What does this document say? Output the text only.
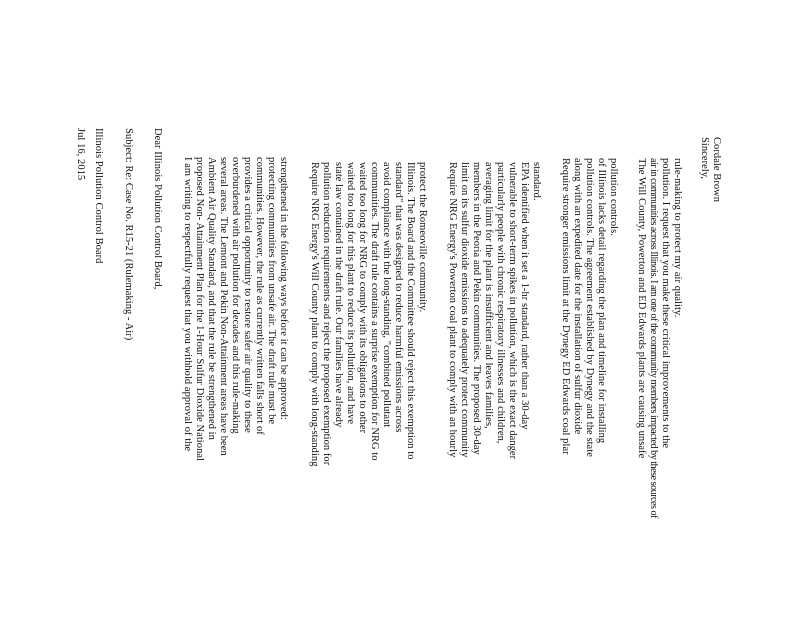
Jul 16, 2015 Illinois Pollution Control Board Subject: Re: Case No. R15-21 (Rulemaking - Air) Dear Illinois Pollution Control Board, I am writing to respectfully request that you withhold approval of the proposed Non- Attainment Plan for the 1-Hour Sulfur Dioxide National Ambient Air Quality Standard, and that the rule be strengthened in several areas. The Lemont and Pekin Non-Attainment areas have been overburdened with air pollution for decades and this rule-making provides a critical opportunity to restore safer air quality to these communities. However, the rule as currently written falls short of protecting communities from unsafe air. The draft rule must be strengthened in the following ways before it can be approved: Require NRG Energy's Will County plant to comply with long-standing pollution reduction requirements and reject the proposed exemption for state law contained in the draft rule. Our families have already waited too long for this plant to reduce its pollution, and have waited too long for NRG to comply with its obligations to other communities. The draft rule contains a surprise exemption for NRG to avoid compliance with the long-standing, "combined pollutant standard" that was designed to reduce harmful emissions across Illinois. The Board and the Committee should reject this exemption to protect the Romeoville community. Require NRG Energy's Powerton coal plant to comply with an hourly limit on its sulfur dioxide emissions to adequately protect community members in the Peoria and Pekin communities. The proposed 30-day averaging limit for the plant is insufficient and leaves families, particularly people with chronic respiratory illnesses and children, vulnerable to short-term spikes in pollution, which is the exact danger EPA identified when it set a 1-hr standard, rather than a 30-day standard. Require stronger emissions limit at the Dynegy ED Edwards coal plar along with an expedited date for the installation of sulfur dioxide pollution controls. The agreement established by Dynegy and the state of Illinois lacks detail regarding the plan and timeline for installing pollution controls. The Will County, Powerton and ED Edwards plants are causing unsafe air in communities across Illinois. I am one of the community members impacted by these sources of pollution. I request that you make these critical improvements to the rule-making to protect my air quality. Sincerely, Cordale Brown
